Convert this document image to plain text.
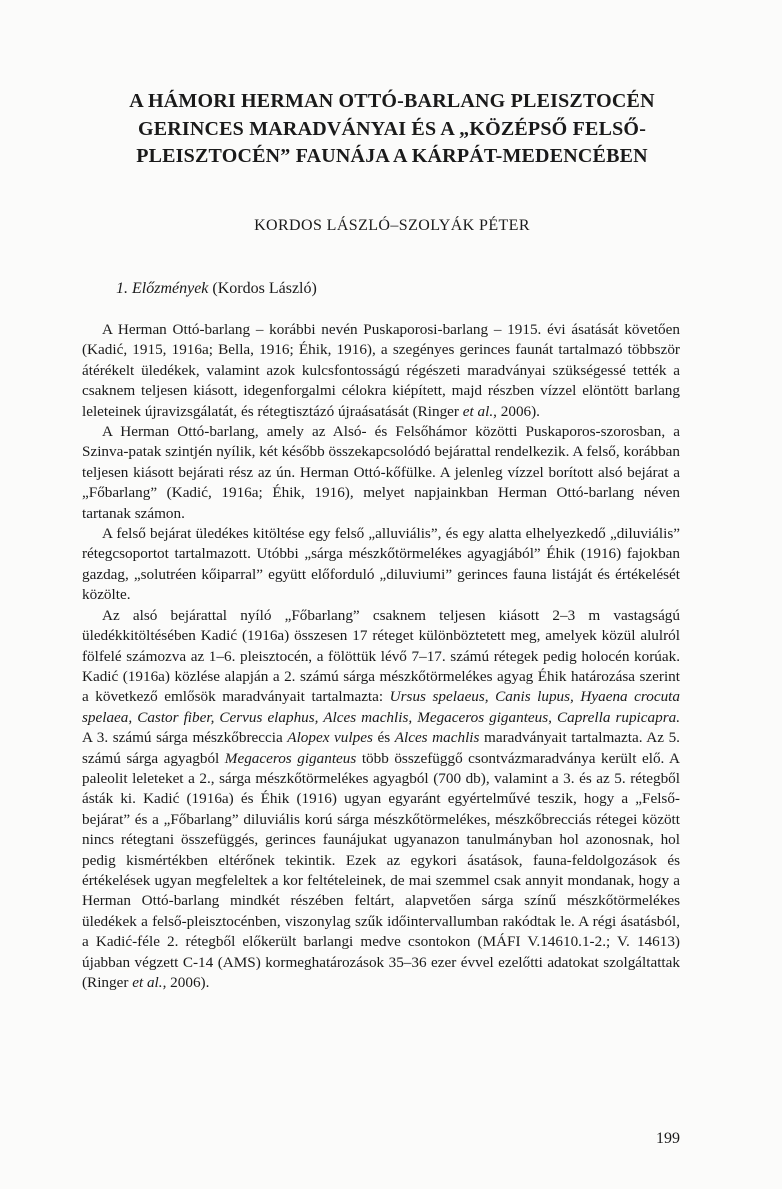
A HÁMORI HERMAN OTTÓ-BARLANG PLEISZTOCÉN
GERINCES MARADVÁNYAI ÉS A „KÖZÉPSŐ FELSŐ-
PLEISZTOCÉN” FAUNÁJA A KÁRPÁT-MEDENCÉBEN
KORDOS LÁSZLÓ–SZOLYÁK PÉTER
1. Előzmények (Kordos László)

A Herman Ottó-barlang – korábbi nevén Puskaporosi-barlang – 1915. évi ásatását követően (Kadić, 1915, 1916a; Bella, 1916; Éhik, 1916), a szegényes gerinces faunát tartalmazó többször átérékelt üledékek, valamint azok kulcsfontosságú régészeti maradványai szükségessé tették a csaknem teljesen kiásott, idegenforgalmi célokra kiépített, majd részben vízzel elöntött barlang leleteinek újravizsgálatát, és rétegtisztázó újraásatását (Ringer et al., 2006).

A Herman Ottó-barlang, amely az Alsó- és Felsőhámor közötti Puskaporos-szorosban, a Szinva-patak szintjén nyílik, két később összekapcsolódó bejárattal rendelkezik. A felső, korábban teljesen kiásott bejárati rész az ún. Herman Ottó-kőfülke. A jelenleg vízzel borított alsó bejárat a „Főbarlang” (Kadić, 1916a; Éhik, 1916), melyet napjainkban Herman Ottó-barlang néven tartanak számon.

A felső bejárat üledékes kitöltése egy felső „alluviális”, és egy alatta elhelyezkedő „diluviális” rétegcsoportot tartalmazott. Utóbbi „sárga mészkőtörmelékes agyagjából” Éhik (1916) fajokban gazdag, „solutréen kőiparral” együtt előforduló „diluviumi” gerinces fauna listáját és értékelését közölte.

Az alsó bejárattal nyíló „Főbarlang” csaknem teljesen kiásott 2–3 m vastagságú üledékkitöltésében Kadić (1916a) összesen 17 réteget különböztetett meg, amelyek közül alulról fölfelé számozva az 1–6. pleisztocén, a fölöttük lévő 7–17. számú rétegek pedig holocén korúak. Kadić (1916a) közlése alapján a 2. számú sárga mészkőtörmelékes agyag Éhik határozása szerint a következő emlősök maradványait tartalmazta: Ursus spelaeus, Canis lupus, Hyaena crocuta spelaea, Castor fiber, Cervus elaphus, Alces machlis, Megaceros giganteus, Caprella rupicapra. A 3. számú sárga mészkőbreccia Alopex vulpes és Alces machlis maradványait tartalmazta. Az 5. számú sárga agyagból Megaceros giganteus több összefüggő csontvázmaradványa került elő. A paleolit leleteket a 2., sárga mészkőtörmelékes agyagból (700 db), valamint a 3. és az 5. rétegből ásták ki. Kadić (1916a) és Éhik (1916) ugyan egyaránt egyértelművé teszik, hogy a „Felső-bejárat” és a „Főbarlang” diluviális korú sárga mészkőtörmelékes, mészkőbrecciás rétegei között nincs rétegtani összefüggés, gerinces faunájukat ugyanazon tanulmányban hol azonosnak, hol pedig kismértékben eltérőnek tekintik. Ezek az egykori ásatások, fauna-feldolgozások és értékelések ugyan megfeleltek a kor feltételeinek, de mai szemmel csak annyit mondanak, hogy a Herman Ottó-barlang mindkét részében feltárt, alapvetően sárga színű mészkőtörmelékes üledékek a felső-pleisztocénben, viszonylag szűk időintervallumban rakódtak le. A régi ásatásból, a Kadić-féle 2. rétegből előkerült barlangi medve csontokon (MÁFI V.14610.1-2.; V. 14613) újabban végzett C-14 (AMS) kormeghatározások 35–36 ezer évvel ezelőtti adatokat szolgáltattak (Ringer et al., 2006).

199
